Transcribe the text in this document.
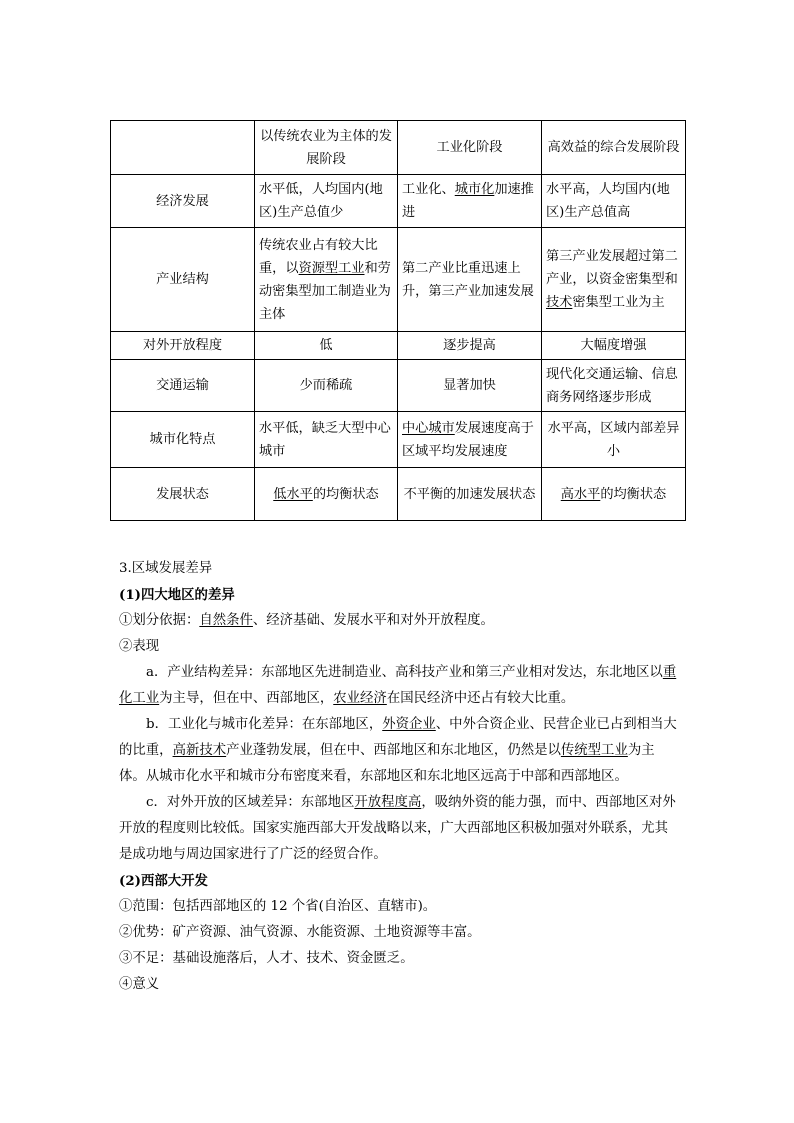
	以传统农业为主体的发展阶段	工业化阶段	高效益的综合发展阶段
经济发展	水平低，人均国内(地区)生产总值少	工业化、城市化加速推进	水平高，人均国内(地区)生产总值高
产业结构	传统农业占有较大比重，以资源型工业和劳动密集型加工制造业为主体	第二产业比重迅速上升，第三产业加速发展	第三产业发展超过第二产业，以资金密集型和技术密集型工业为主
对外开放程度	低	逐步提高	大幅度增强
交通运输	少而稀疏	显著加快	现代化交通运输、信息商务网络逐步形成
城市化特点	水平低，缺乏大型中心城市	中心城市发展速度高于区域平均发展速度	水平高，区域内部差异小
发展状态	低水平的均衡状态	不平衡的加速发展状态	高水平的均衡状态

3.区域发展差异

(1)四大地区的差异

①划分依据：自然条件、经济基础、发展水平和对外开放程度。

②表现

a．产业结构差异：东部地区先进制造业、高科技产业和第三产业相对发达，东北地区以重化工业为主导，但在中、西部地区，农业经济在国民经济中还占有较大比重。

b．工业化与城市化差异：在东部地区，外资企业、中外合资企业、民营企业已占到相当大的比重，高新技术产业蓬勃发展，但在中、西部地区和东北地区，仍然是以传统型工业为主体。从城市化水平和城市分布密度来看，东部地区和东北地区远高于中部和西部地区。

c．对外开放的区域差异：东部地区开放程度高，吸纳外资的能力强，而中、西部地区对外开放的程度则比较低。国家实施西部大开发战略以来，广大西部地区积极加强对外联系，尤其是成功地与周边国家进行了广泛的经贸合作。

(2)西部大开发

①范围：包括西部地区的 12 个省(自治区、直辖市)。

②优势：矿产资源、油气资源、水能资源、土地资源等丰富。

③不足：基础设施落后，人才、技术、资金匮乏。

④意义
